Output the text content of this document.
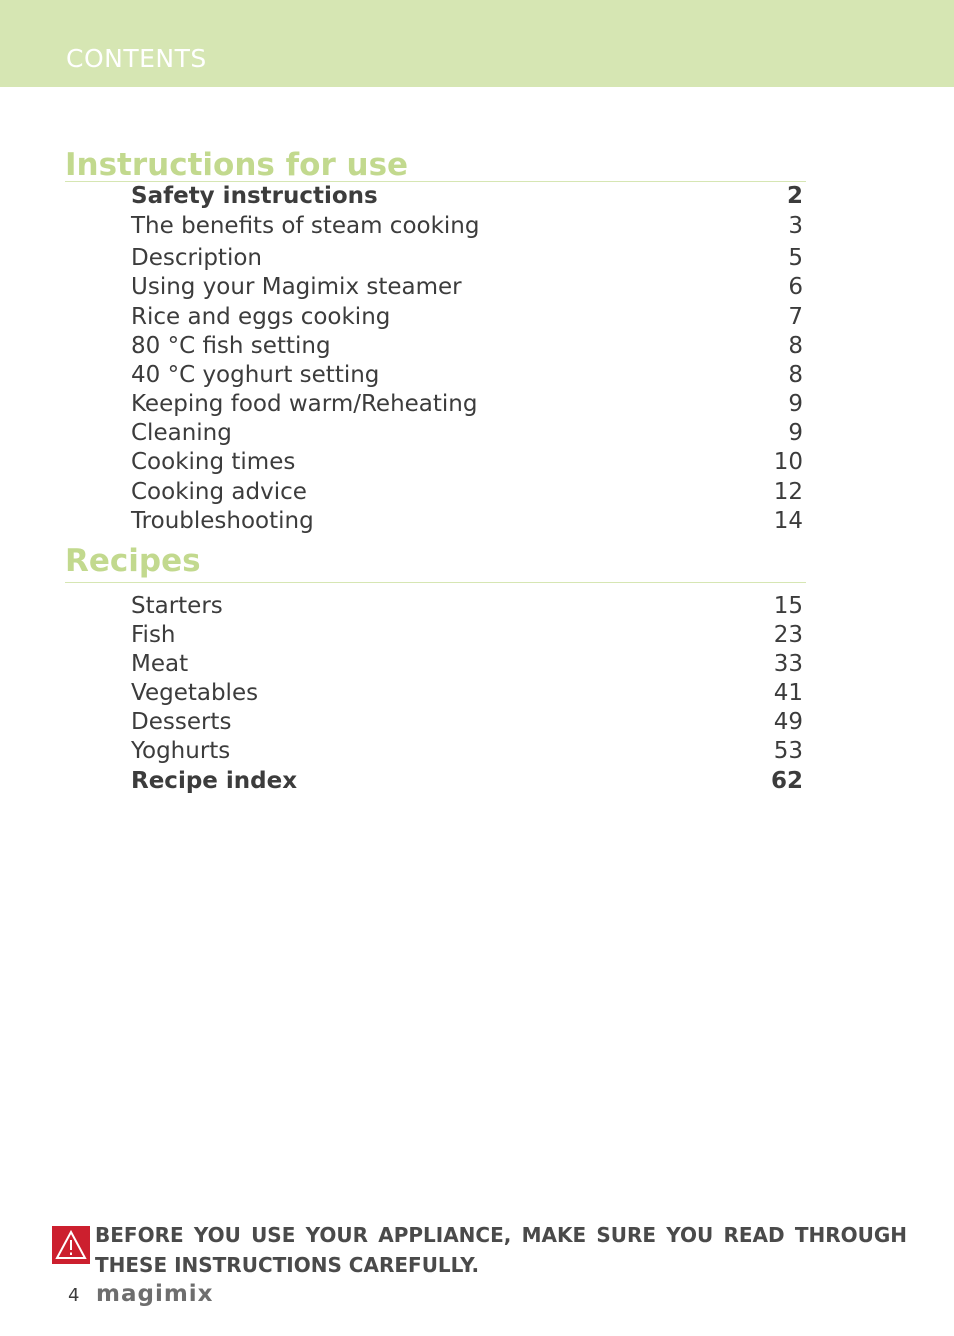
CONTENTS
Instructions for use
Safety instructions	2
The benefits of steam cooking	3
Description	5
Using your Magimix steamer	6
Rice and eggs cooking	7
80 °C fish setting	8
40 °C yoghurt setting	8
Keeping food warm/Reheating	9
Cleaning	9
Cooking times	10
Cooking advice	12
Troubleshooting	14
Recipes
Starters	15
Fish	23
Meat	33
Vegetables	41
Desserts	49
Yoghurts	53
Recipe index	62
BEFORE YOU USE YOUR APPLIANCE, MAKE SURE YOU READ THROUGH THESE INSTRUCTIONS CAREFULLY.
4 magimix
